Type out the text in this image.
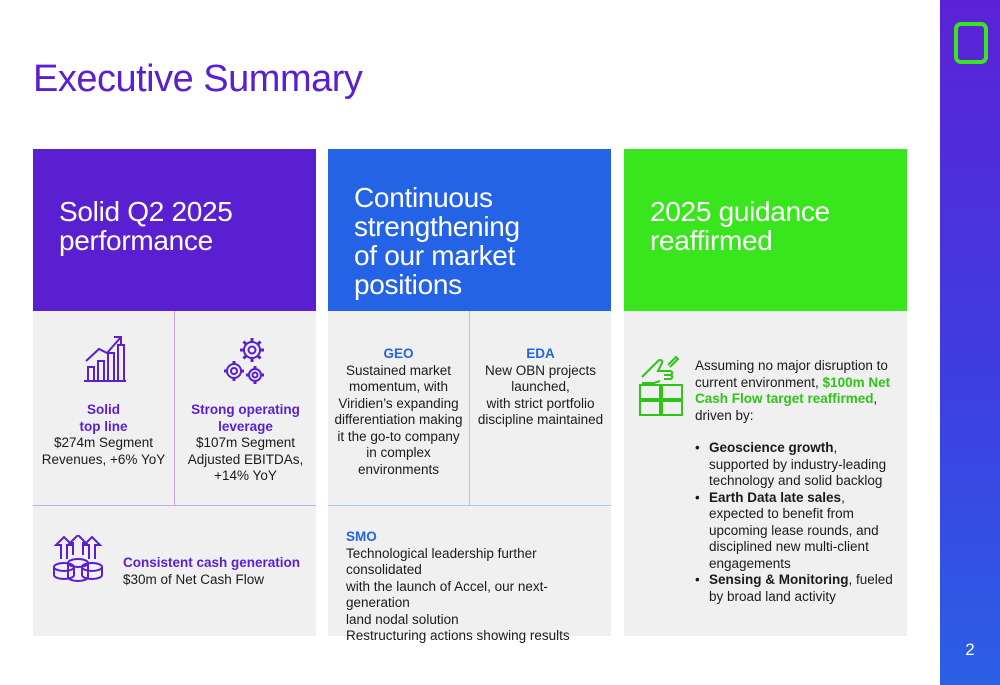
Executive Summary
2
Solid Q2 2025
performance
Solid
top line
$274m Segment
Revenues, +6% YoY
Strong operating
leverage
$107m Segment
Adjusted EBITDAs,
+14% YoY
Consistent cash generation
$30m of Net Cash Flow
Continuous
strengthening
of our market positions
GEO
Sustained market
momentum, with
Viridien’s expanding
differentiation making
it the go-to company
in complex
environments
EDA
New OBN projects
launched,
with strict portfolio
discipline maintained
SMO
Technological leadership further consolidated
with the launch of Accel, our next-generation
land nodal solution
Restructuring actions showing results
2025 guidance
reaffirmed
Assuming no major disruption to current environment, $100m Net Cash Flow target reaffirmed, driven by:
• Geoscience growth, supported by industry-leading technology and solid backlog
• Earth Data late sales, expected to benefit from upcoming lease rounds, and disciplined new multi-client engagements
• Sensing & Monitoring, fueled by broad land activity
